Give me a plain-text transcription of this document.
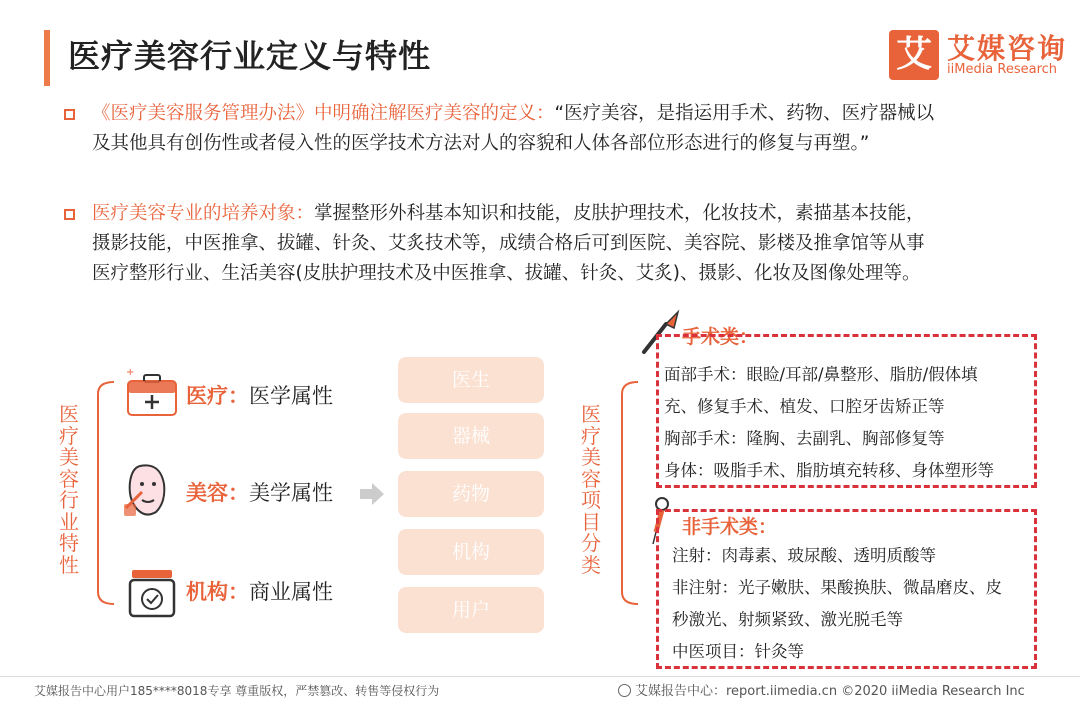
医疗美容行业定义与特性	艾 艾媒咨询
iiMedia Research
《医疗美容服务管理办法》中明确注解医疗美容的定义：“医疗美容，是指运用手术、药物、医疗器械以
及其他具有创伤性或者侵入性的医学技术方法对人的容貌和人体各部位形态进行的修复与再塑。”
医疗美容专业的培养对象：掌握整形外科基本知识和技能，皮肤护理技术，化妆技术，素描基本技能，
摄影技能，中医推拿、拔罐、针灸、艾炙技术等，成绩合格后可到医院、美容院、影楼及推拿馆等从事
医疗整形行业、生活美容(皮肤护理技术及中医推拿、拔罐、针灸、艾炙)、摄影、化妆及图像处理等。
医疗美容行业特性
+
医疗：医学属性
美容：美学属性
机构：商业属性
医生
器械
药物
机构
用户
医疗美容项目分类
手术类：
面部手术：眼睑/耳部/鼻整形、脂肪/假体填
充、修复手术、植发、口腔牙齿矫正等
胸部手术：隆胸、去副乳、胸部修复等
身体：吸脂手术、脂肪填充转移、身体塑形等
非手术类：
注射：肉毒素、玻尿酸、透明质酸等
非注射：光子嫩肤、果酸换肤、微晶磨皮、皮
秒激光、射频紧致、激光脱毛等
中医项目：针灸等
艾媒报告中心用户185****8018专享 尊重版权，严禁篡改、转售等侵权行为	艾媒报告中心：report.iimedia.cn ©2020 iiMedia Research Inc
